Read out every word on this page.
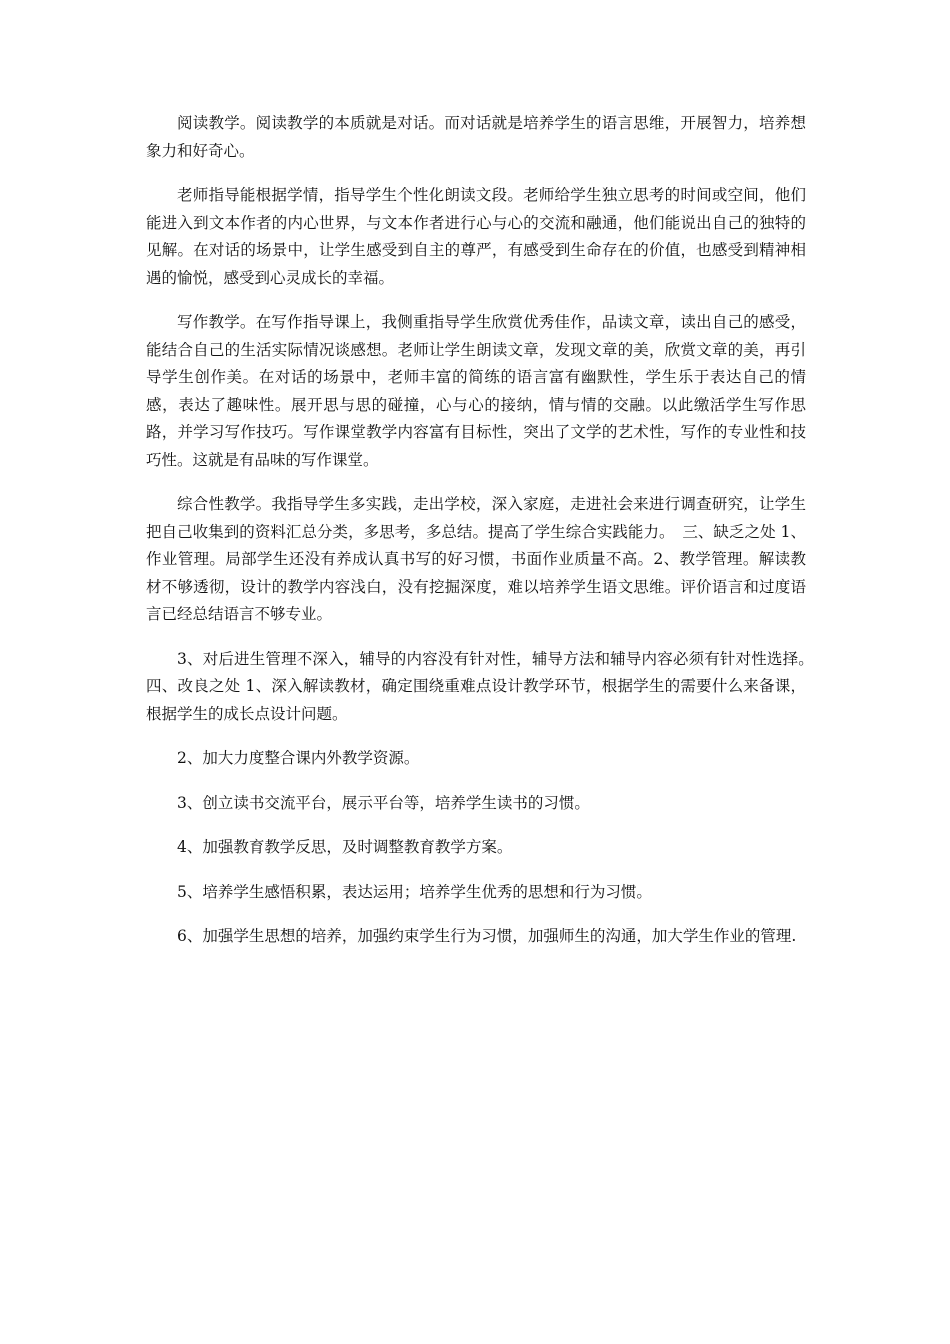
阅读教学。阅读教学的本质就是对话。而对话就是培养学生的语言思维，开展智力，培养想象力和好奇心。

老师指导能根据学情，指导学生个性化朗读文段。老师给学生独立思考的时间或空间，他们能进入到文本作者的内心世界，与文本作者进行心与心的交流和融通，他们能说出自己的独特的见解。在对话的场景中，让学生感受到自主的尊严，有感受到生命存在的价值，也感受到精神相遇的愉悦，感受到心灵成长的幸福。

写作教学。在写作指导课上，我侧重指导学生欣赏优秀佳作，品读文章，读出自己的感受，能结合自己的生活实际情况谈感想。老师让学生朗读文章，发现文章的美，欣赏文章的美，再引导学生创作美。在对话的场景中，老师丰富的简练的语言富有幽默性，学生乐于表达自己的情感，表达了趣味性。展开思与思的碰撞，心与心的接纳，情与情的交融。以此缴活学生写作思路，并学习写作技巧。写作课堂教学内容富有目标性，突出了文学的艺术性，写作的专业性和技巧性。这就是有品味的写作课堂。

综合性教学。我指导学生多实践，走出学校，深入家庭，走进社会来进行调查研究，让学生把自己收集到的资料汇总分类，多思考，多总结。提高了学生综合实践能力。　三、缺乏之处 1、作业管理。局部学生还没有养成认真书写的好习惯，书面作业质量不高。2、教学管理。解读教材不够透彻，设计的教学内容浅白，没有挖掘深度，难以培养学生语文思维。评价语言和过度语言已经总结语言不够专业。

3、对后进生管理不深入，辅导的内容没有针对性，辅导方法和辅导内容必须有针对性选择。　　四、改良之处 1、深入解读教材，确定围绕重难点设计教学环节，根据学生的需要什么来备课，根据学生的成长点设计问题。

2、加大力度整合课内外教学资源。

3、创立读书交流平台，展示平台等，培养学生读书的习惯。

4、加强教育教学反思，及时调整教育教学方案。

5、培养学生感悟积累，表达运用；培养学生优秀的思想和行为习惯。

6、加强学生思想的培养，加强约束学生行为习惯，加强师生的沟通，加大学生作业的管理.
